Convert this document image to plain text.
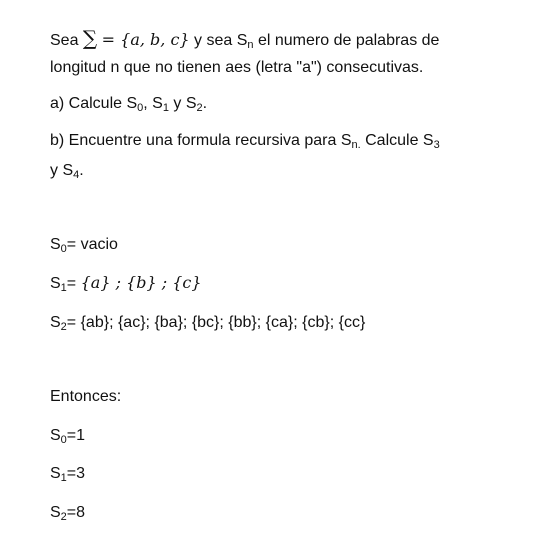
Sea ∑ = {a, b, c} y sea $S_n$ el numero de palabras de
longitud n que no tienen aes (letra "a") consecutivas.
a) Calcule $S_0$, $S_1$ y $S_2$.
b) Encuentre una formula recursiva para $S_{n.}$ Calcule $S_3$
y $S_4$.
$S_0=$ vacio
$S_1= \{a\}$ ; {b} ; {c}
$S_2= \{ab\}$; {ac}; {ba}; {bc}; {bb}; {ca}; {cb}; {cc}
Entonces:
$S_0=1$
$S_1=3$
$S_2=8$
